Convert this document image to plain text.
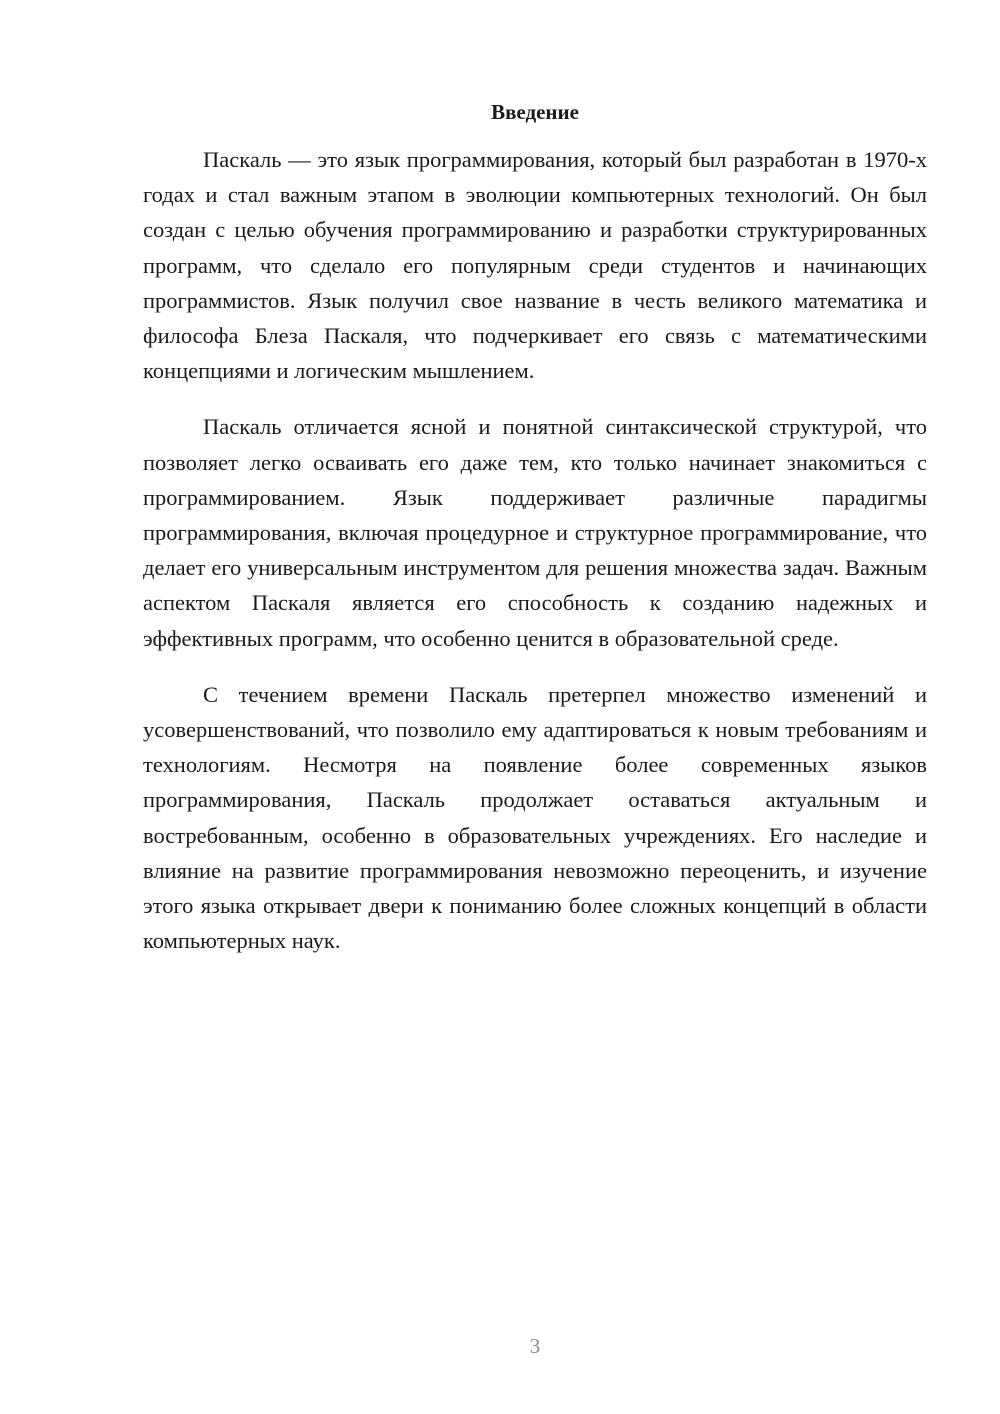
Введение

Паскаль — это язык программирования, который был разработан в 1970-х годах и стал важным этапом в эволюции компьютерных технологий. Он был создан с целью обучения программированию и разработки структурированных программ, что сделало его популярным среди студентов и начинающих программистов. Язык получил свое название в честь великого математика и философа Блеза Паскаля, что подчеркивает его связь с математическими концепциями и логическим мышлением.

Паскаль отличается ясной и понятной синтаксической структурой, что позволяет легко осваивать его даже тем, кто только начинает знакомиться с программированием. Язык поддерживает различные парадигмы программирования, включая процедурное и структурное программирование, что делает его универсальным инструментом для решения множества задач. Важным аспектом Паскаля является его способность к созданию надежных и эффективных программ, что особенно ценится в образовательной среде.

С течением времени Паскаль претерпел множество изменений и усовершенствований, что позволило ему адаптироваться к новым требованиям и технологиям. Несмотря на появление более современных языков программирования, Паскаль продолжает оставаться актуальным и востребованным, особенно в образовательных учреждениях. Его наследие и влияние на развитие программирования невозможно переоценить, и изучение этого языка открывает двери к пониманию более сложных концепций в области компьютерных наук.

3
